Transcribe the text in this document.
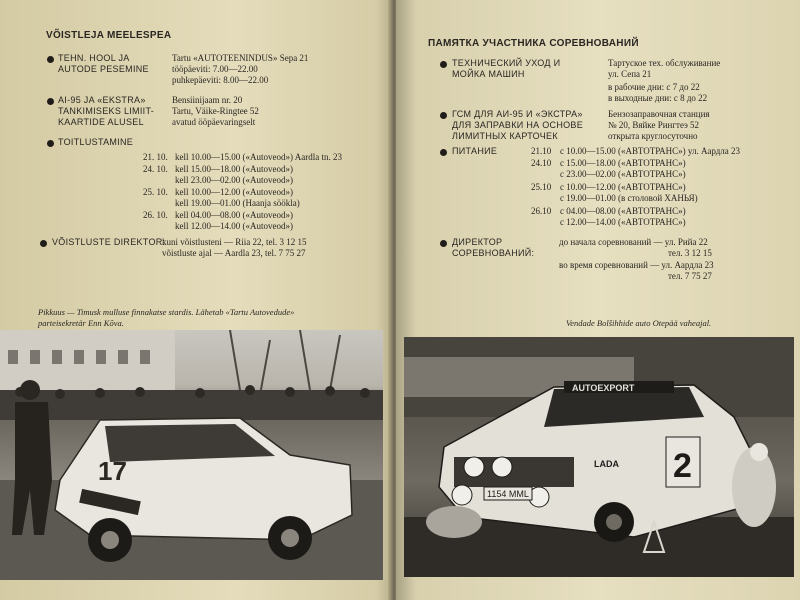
VÕISTLEJA MEELESPEA
TEHN. HOOL JA
AUTODE PESEMINE
Tartu «AUTOTEENINDUS» Sepa 21
tööpäeviti: 7.00—22.00
puhkepäeviti: 8.00—22.00
AI-95 JA «EKSTRA»
TANKIMISEKS LIMIIT-
KAARTIDE ALUSEL
Bensiinijaam nr. 20
Tartu, Väike-Ringtee 52
avatud ööpäevaringselt
TOITLUSTAMINE
21. 10. kell 10.00—15.00 («Autoveod») Aardla tn. 23
24. 10. kell 15.00—18.00 («Autoveod»)
kell 23.00—02.00 («Autoveod»)
25. 10. kell 10.00—12.00 («Autoveod»)
kell 19.00—01.00 (Haanja söökla)
26. 10. kell 04.00—08.00 («Autoveod»)
kell 12.00—14.00 («Autoveod»)
VÕISTLUSTE DIREKTOR:
kuni võistlusteni — Riia 22, tel. 3 12 15
võistluste ajal — Aardla 23, tel. 7 75 27
Pikkuus — Timusk mulluse finnakatse stardis. Lähetab «Tartu Autovedude»
parteisekretär Enn Kõva.
17
ПАМЯТКА УЧАСТНИКА СОРЕВНОВАНИЙ
ТЕХНИЧЕСКИЙ УХОД И
МОЙКА МАШИН
Тартуское тех. обслуживание
ул. Сепа 21
в рабочие дни: с 7 до 22
в выходные дни: с 8 до 22
ГСМ ДЛЯ АИ-95 И «ЭКСТРА»
ДЛЯ ЗАПРАВКИ НА ОСНОВЕ
ЛИМИТНЫХ КАРТОЧЕК
Бензозаправочная станция
№ 20, Вяйке Рингтеэ 52
открыта круглосуточно
ПИТАНИЕ	21.10 с 10.00—15.00 («АВТОТРАНС») ул. Аардла 23
24.10 с 15.00—18.00 («АВТОТРАНС»)
с 23.00—02.00 («АВТОТРАНС»)
25.10 с 10.00—12.00 («АВТОТРАНС»)
с 19.00—01.00 (в столовой ХАНЬЯ)
26.10 с 04.00—08.00 («АВТОТРАНС»)
с 12.00—14.00 («АВТОТРАНС»)
ДИРЕКТОР
СОРЕВНОВАНИЙ:
до начала соревнований — ул. Рийа 22
тел. 3 12 15
во время соревнований — ул. Аардла 23
тел. 7 75 27
Vendade Bolšihhide auto Otepää vaheajal.
AUTOEXPORT
2
LADA
1154 MML
